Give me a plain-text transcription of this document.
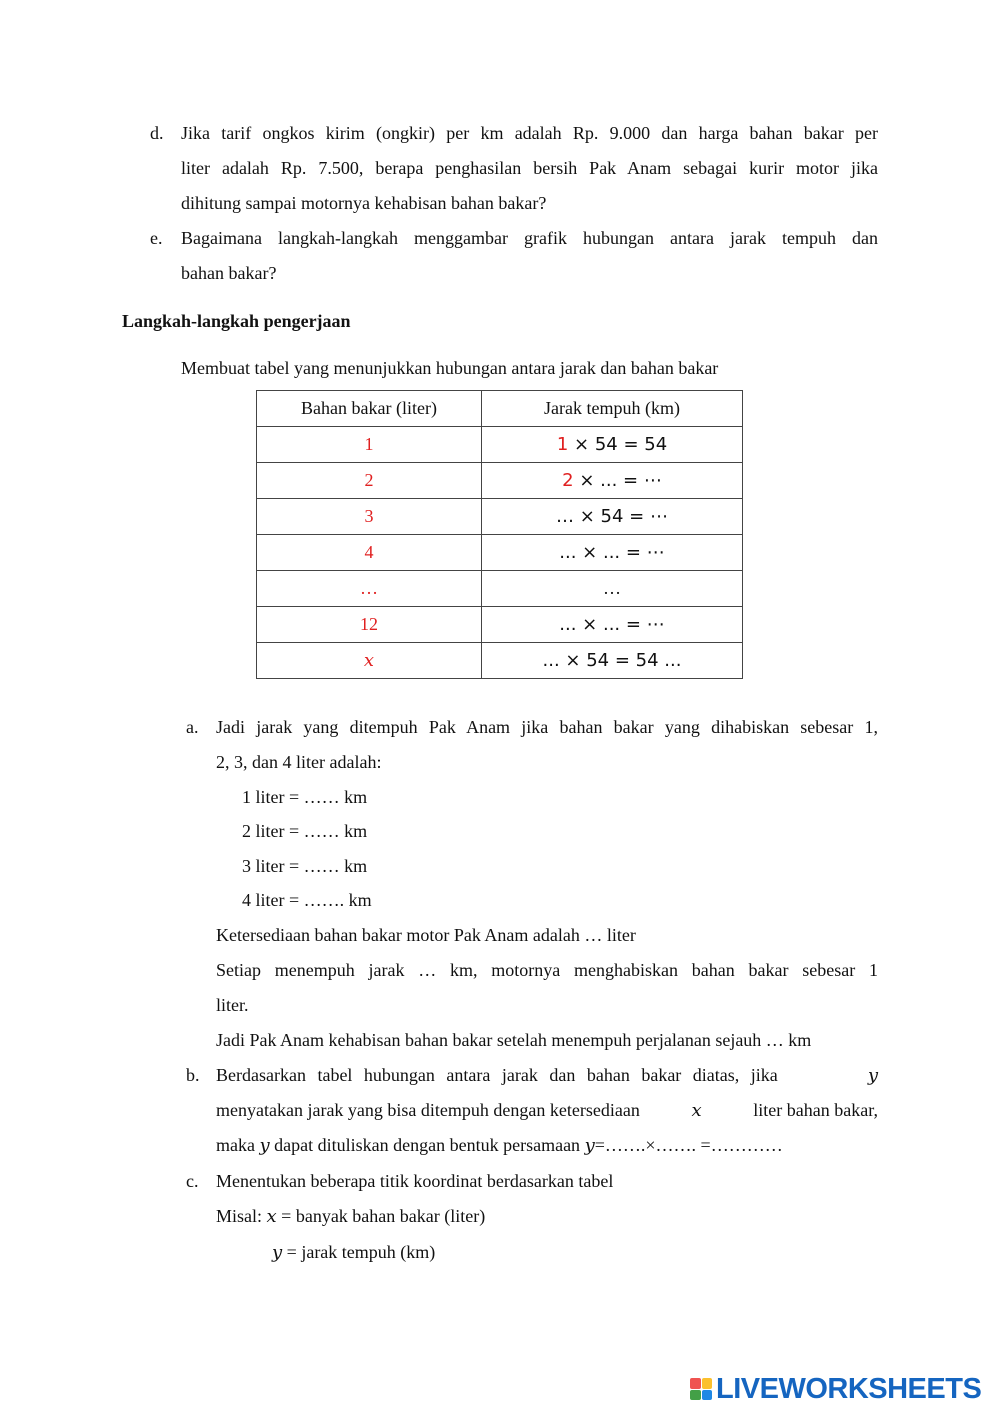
d. Jika tarif ongkos kirim (ongkir) per km adalah Rp. 9.000 dan harga bahan bakar per
liter adalah Rp. 7.500, berapa penghasilan bersih Pak Anam sebagai kurir motor jika
dihitung sampai motornya kehabisan bahan bakar?
e. Bagaimana langkah-langkah menggambar grafik hubungan antara jarak tempuh dan
bahan bakar?
Langkah-langkah pengerjaan
Membuat tabel yang menunjukkan hubungan antara jarak dan bahan bakar
Bahan bakar (liter)	Jarak tempuh (km)
1	1 × 54 = 54
2	2 × ... = ⋯
3	… × 54 = ⋯
4	... × ... = ⋯
…	…
12	... × ... = ⋯
x	... × 54 = 54 ...
a. Jadi jarak yang ditempuh Pak Anam jika bahan bakar yang dihabiskan sebesar 1,
2, 3, dan 4 liter adalah:
1 liter = …… km
2 liter = …… km
3 liter = …… km
4 liter = ……. km
Ketersediaan bahan bakar motor Pak Anam adalah … liter
Setiap menempuh jarak … km, motornya menghabiskan bahan bakar sebesar 1
liter.
Jadi Pak Anam kehabisan bahan bakar setelah menempuh perjalanan sejauh … km
b. Berdasarkan tabel hubungan antara jarak dan bahan bakar diatas, jika	y
menyatakan jarak yang bisa ditempuh dengan ketersediaan	x	liter bahan bakar,
maka y dapat dituliskan dengan bentuk persamaan y=…….×……. =…………
c. Menentukan beberapa titik koordinat berdasarkan tabel
Misal: x = banyak bahan bakar (liter)
y = jarak tempuh (km)
LIVEWORKSHEETS
